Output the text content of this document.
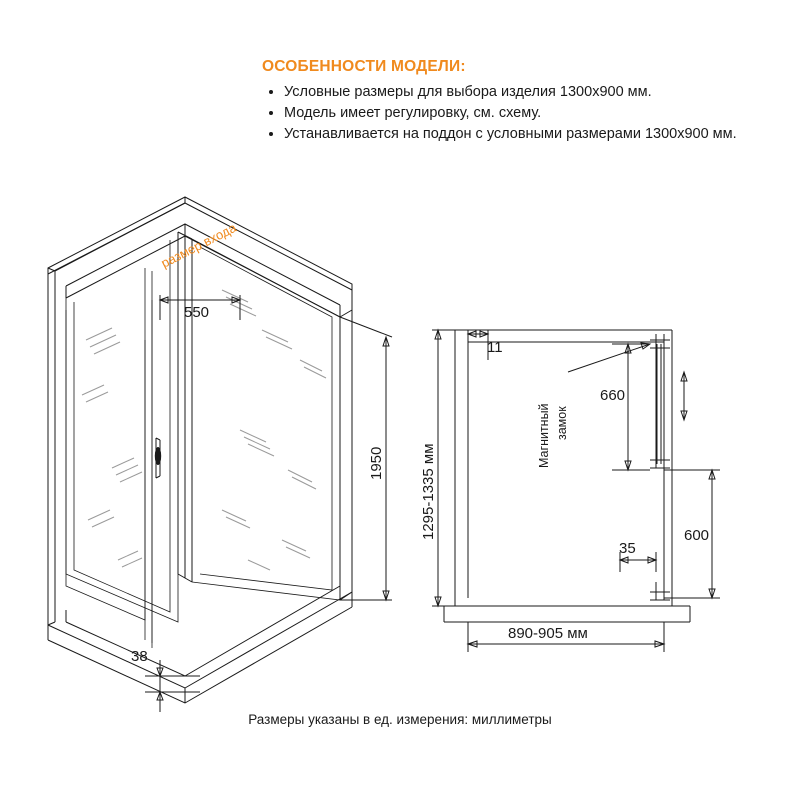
ОСОБЕННОСТИ МОДЕЛИ:
• Условные размеры для выбора изделия 1300x900 мм.
• Модель имеет регулировку, см. схему.
• Устанавливается на поддон с условными размерами 1300x900 мм.
размер входа
550
1950
38
Магнитный замок
11
660
600
35
1295-1335 мм
890-905 мм
Размеры указаны в ед. измерения: миллиметры
